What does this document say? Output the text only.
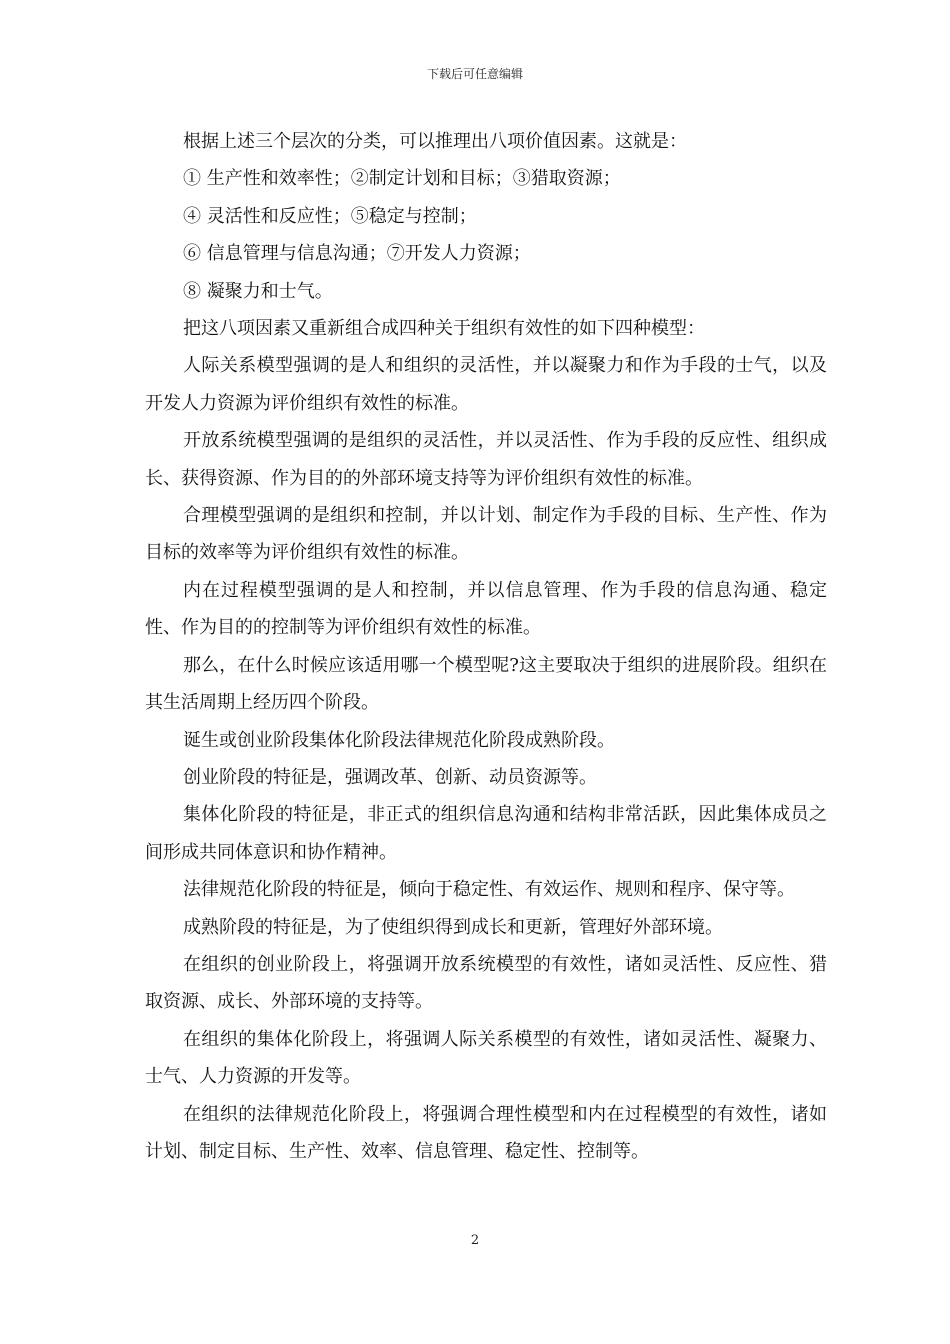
下载后可任意编辑

根据上述三个层次的分类，可以推理出八项价值因素。这就是：

① 生产性和效率性；②制定计划和目标；③猎取资源；

④ 灵活性和反应性；⑤稳定与控制；

⑥ 信息管理与信息沟通；⑦开发人力资源；

⑧ 凝聚力和士气。

把这八项因素又重新组合成四种关于组织有效性的如下四种模型：

人际关系模型强调的是人和组织的灵活性，并以凝聚力和作为手段的士气，以及开发人力资源为评价组织有效性的标准。

开放系统模型强调的是组织的灵活性，并以灵活性、作为手段的反应性、组织成长、获得资源、作为目的的外部环境支持等为评价组织有效性的标准。

合理模型强调的是组织和控制，并以计划、制定作为手段的目标、生产性、作为目标的效率等为评价组织有效性的标准。

内在过程模型强调的是人和控制，并以信息管理、作为手段的信息沟通、稳定性、作为目的的控制等为评价组织有效性的标准。

那么，在什么时候应该适用哪一个模型呢?这主要取决于组织的进展阶段。组织在其生活周期上经历四个阶段。

诞生或创业阶段集体化阶段法律规范化阶段成熟阶段。

创业阶段的特征是，强调改革、创新、动员资源等。

集体化阶段的特征是，非正式的组织信息沟通和结构非常活跃，因此集体成员之间形成共同体意识和协作精神。

法律规范化阶段的特征是，倾向于稳定性、有效运作、规则和程序、保守等。

成熟阶段的特征是，为了使组织得到成长和更新，管理好外部环境。

在组织的创业阶段上，将强调开放系统模型的有效性，诸如灵活性、反应性、猎取资源、成长、外部环境的支持等。

在组织的集体化阶段上，将强调人际关系模型的有效性，诸如灵活性、凝聚力、士气、人力资源的开发等。

在组织的法律规范化阶段上，将强调合理性模型和内在过程模型的有效性，诸如计划、制定目标、生产性、效率、信息管理、稳定性、控制等。

2
